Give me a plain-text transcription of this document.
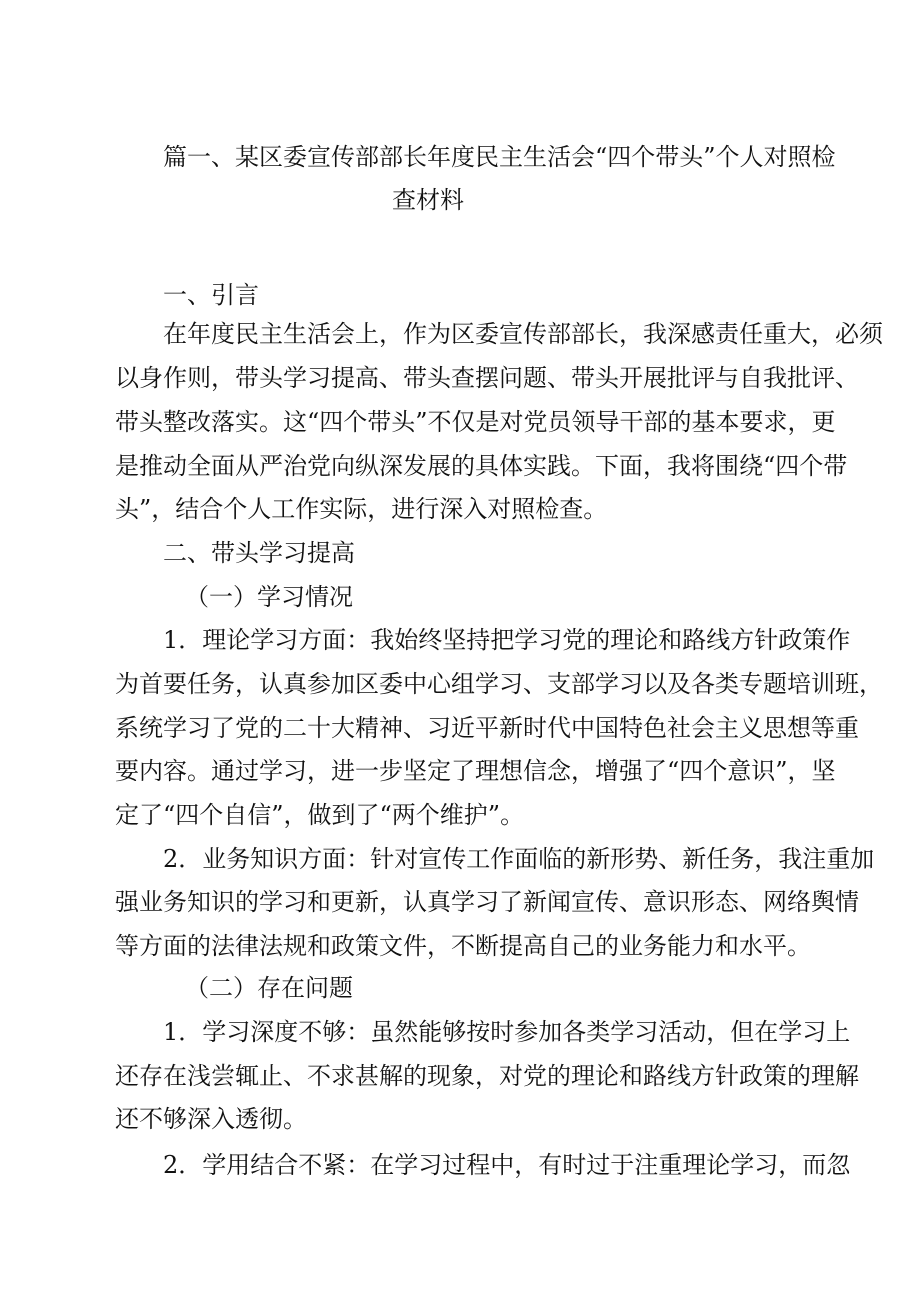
篇一、某区委宣传部部长年度民主生活会“四个带头”个人对照检
查材料
一、引言
在年度民主生活会上，作为区委宣传部部长，我深感责任重大，必须
以身作则，带头学习提高、带头查摆问题、带头开展批评与自我批评、
带头整改落实。这“四个带头”不仅是对党员领导干部的基本要求，更
是推动全面从严治党向纵深发展的具体实践。下面，我将围绕“四个带
头”，结合个人工作实际，进行深入对照检查。
二、带头学习提高
（一）学习情况
1．理论学习方面：我始终坚持把学习党的理论和路线方针政策作
为首要任务，认真参加区委中心组学习、支部学习以及各类专题培训班，
系统学习了党的二十大精神、习近平新时代中国特色社会主义思想等重
要内容。通过学习，进一步坚定了理想信念，增强了“四个意识”，坚
定了“四个自信”，做到了“两个维护”。
2．业务知识方面：针对宣传工作面临的新形势、新任务，我注重加
强业务知识的学习和更新，认真学习了新闻宣传、意识形态、网络舆情
等方面的法律法规和政策文件，不断提高自己的业务能力和水平。
（二）存在问题
1．学习深度不够：虽然能够按时参加各类学习活动，但在学习上
还存在浅尝辄止、不求甚解的现象，对党的理论和路线方针政策的理解
还不够深入透彻。
2．学用结合不紧：在学习过程中，有时过于注重理论学习，而忽
